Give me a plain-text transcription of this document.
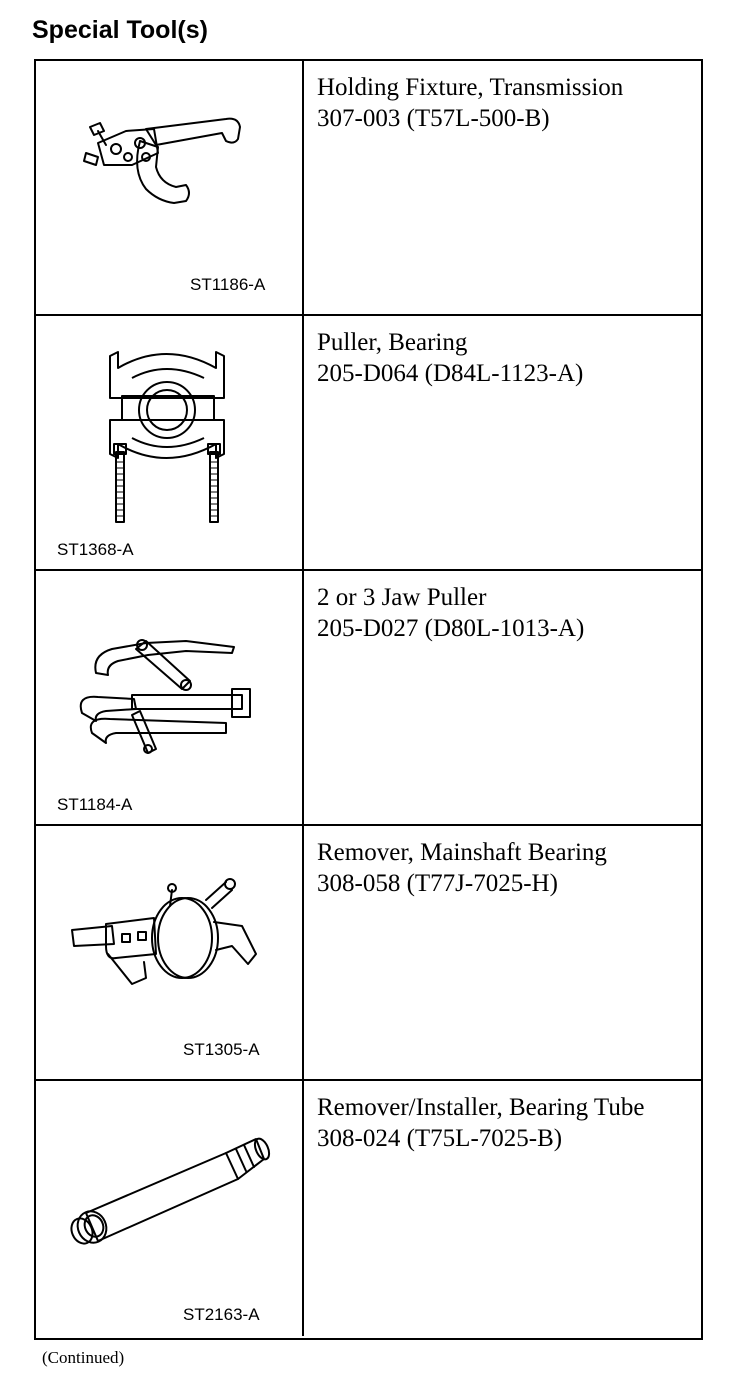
Special Tool(s)
ST1186-A
Holding Fixture, Transmission
307-003 (T57L-500-B)
ST1368-A
Puller, Bearing
205-D064 (D84L-1123-A)
ST1184-A
2 or 3 Jaw Puller
205-D027 (D80L-1013-A)
ST1305-A
Remover, Mainshaft Bearing
308-058 (T77J-7025-H)
ST2163-A
Remover/Installer, Bearing Tube
308-024 (T75L-7025-B)
(Continued)
